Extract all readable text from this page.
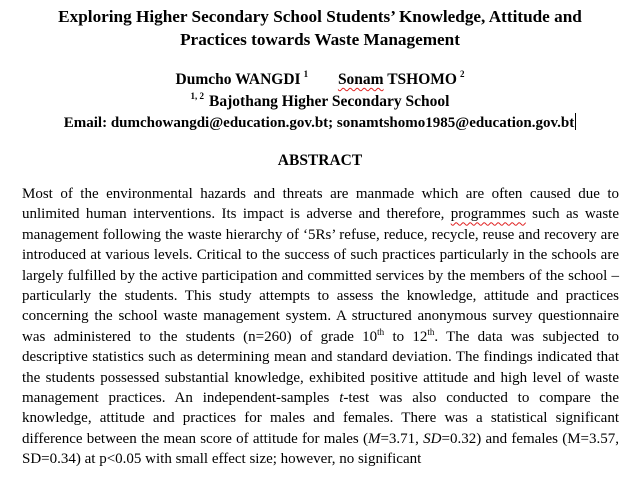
Exploring Higher Secondary School Students’ Knowledge, Attitude and
Practices towards Waste Management
Dumcho WANGDI $^1$ Sonam TSHOMO $^2$
$^{1, 2}$ Bajothang Higher Secondary School
Email: dumchowangdi@education.gov.bt; sonamtshomo1985@education.gov.bt
ABSTRACT

Most of the environmental hazards and threats are manmade which are often caused due to unlimited human interventions. Its impact is adverse and therefore, programmes such as waste management following the waste hierarchy of ‘5Rs’ refuse, reduce, recycle, reuse and recovery are introduced at various levels. Critical to the success of such practices particularly in the schools are largely fulfilled by the active participation and committed services by the members of the school – particularly the students. This study attempts to assess the knowledge, attitude and practices concerning the school waste management system. A structured anonymous survey questionnaire was administered to the students (n=260) of grade 10th to 12th. The data was subjected to descriptive statistics such as determining mean and standard deviation. The findings indicated that the students possessed substantial knowledge, exhibited positive attitude and high level of waste management practices. An independent-samples t-test was also conducted to compare the knowledge, attitude and practices for males and females. There was a statistical significant difference between the mean score of attitude for males (M=3.71, SD=0.32) and females (M=3.57, SD=0.34) at p<0.05 with small effect size; however, no significant
